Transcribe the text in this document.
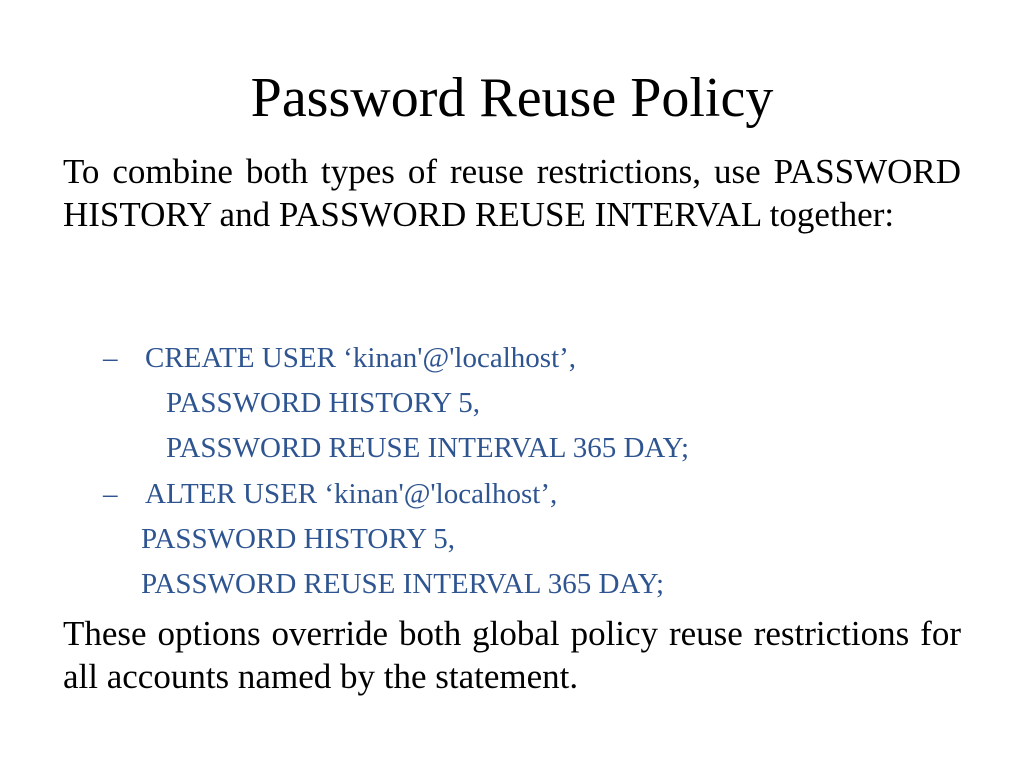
Password Reuse Policy

To combine both types of reuse restrictions, use PASSWORD HISTORY and PASSWORD REUSE INTERVAL together:

– CREATE USER ‘kinan'@'localhost’,
PASSWORD HISTORY 5,
PASSWORD REUSE INTERVAL 365 DAY;
– ALTER USER ‘kinan'@'localhost’,
PASSWORD HISTORY 5,
PASSWORD REUSE INTERVAL 365 DAY;

These options override both global policy reuse restrictions for all accounts named by the statement.
